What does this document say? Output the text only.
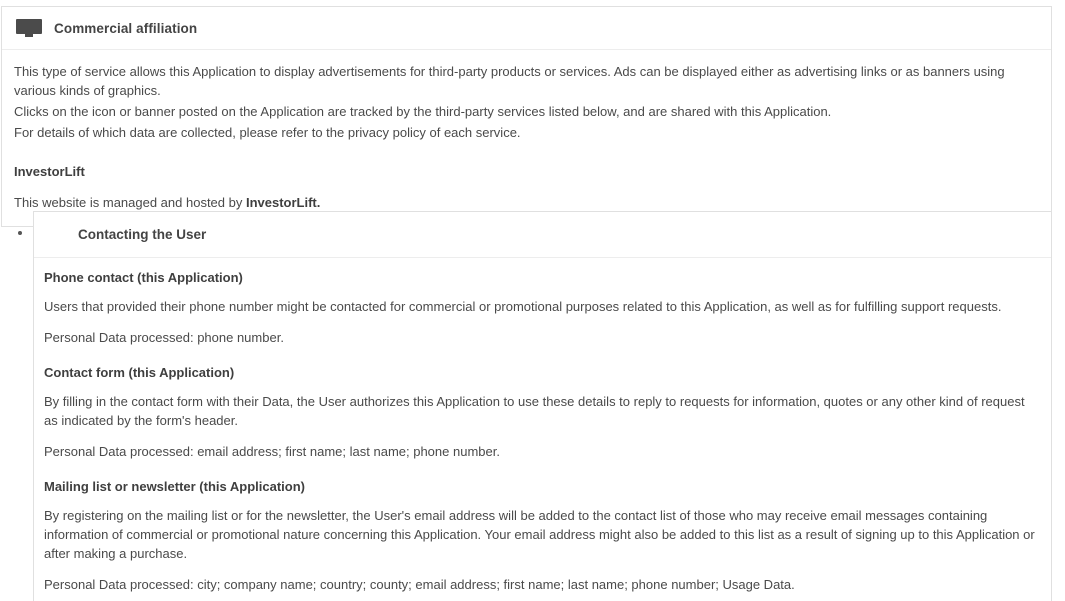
Commercial affiliation

This type of service allows this Application to display advertisements for third-party products or services. Ads can be displayed either as advertising links or as banners using various kinds of graphics.

Clicks on the icon or banner posted on the Application are tracked by the third-party services listed below, and are shared with this Application.

For details of which data are collected, please refer to the privacy policy of each service.

InvestorLift

This website is managed and hosted by InvestorLift.

Contacting the User
Phone contact (this Application)

Users that provided their phone number might be contacted for commercial or promotional purposes related to this Application, as well as for fulfilling support requests.

Personal Data processed: phone number.

Contact form (this Application)

By filling in the contact form with their Data, the User authorizes this Application to use these details to reply to requests for information, quotes or any other kind of request as indicated by the form's header.

Personal Data processed: email address; first name; last name; phone number.

Mailing list or newsletter (this Application)

By registering on the mailing list or for the newsletter, the User's email address will be added to the contact list of those who may receive email messages containing information of commercial or promotional nature concerning this Application. Your email address might also be added to this list as a result of signing up to this Application or after making a purchase.

Personal Data processed: city; company name; country; county; email address; first name; last name; phone number; Usage Data.
